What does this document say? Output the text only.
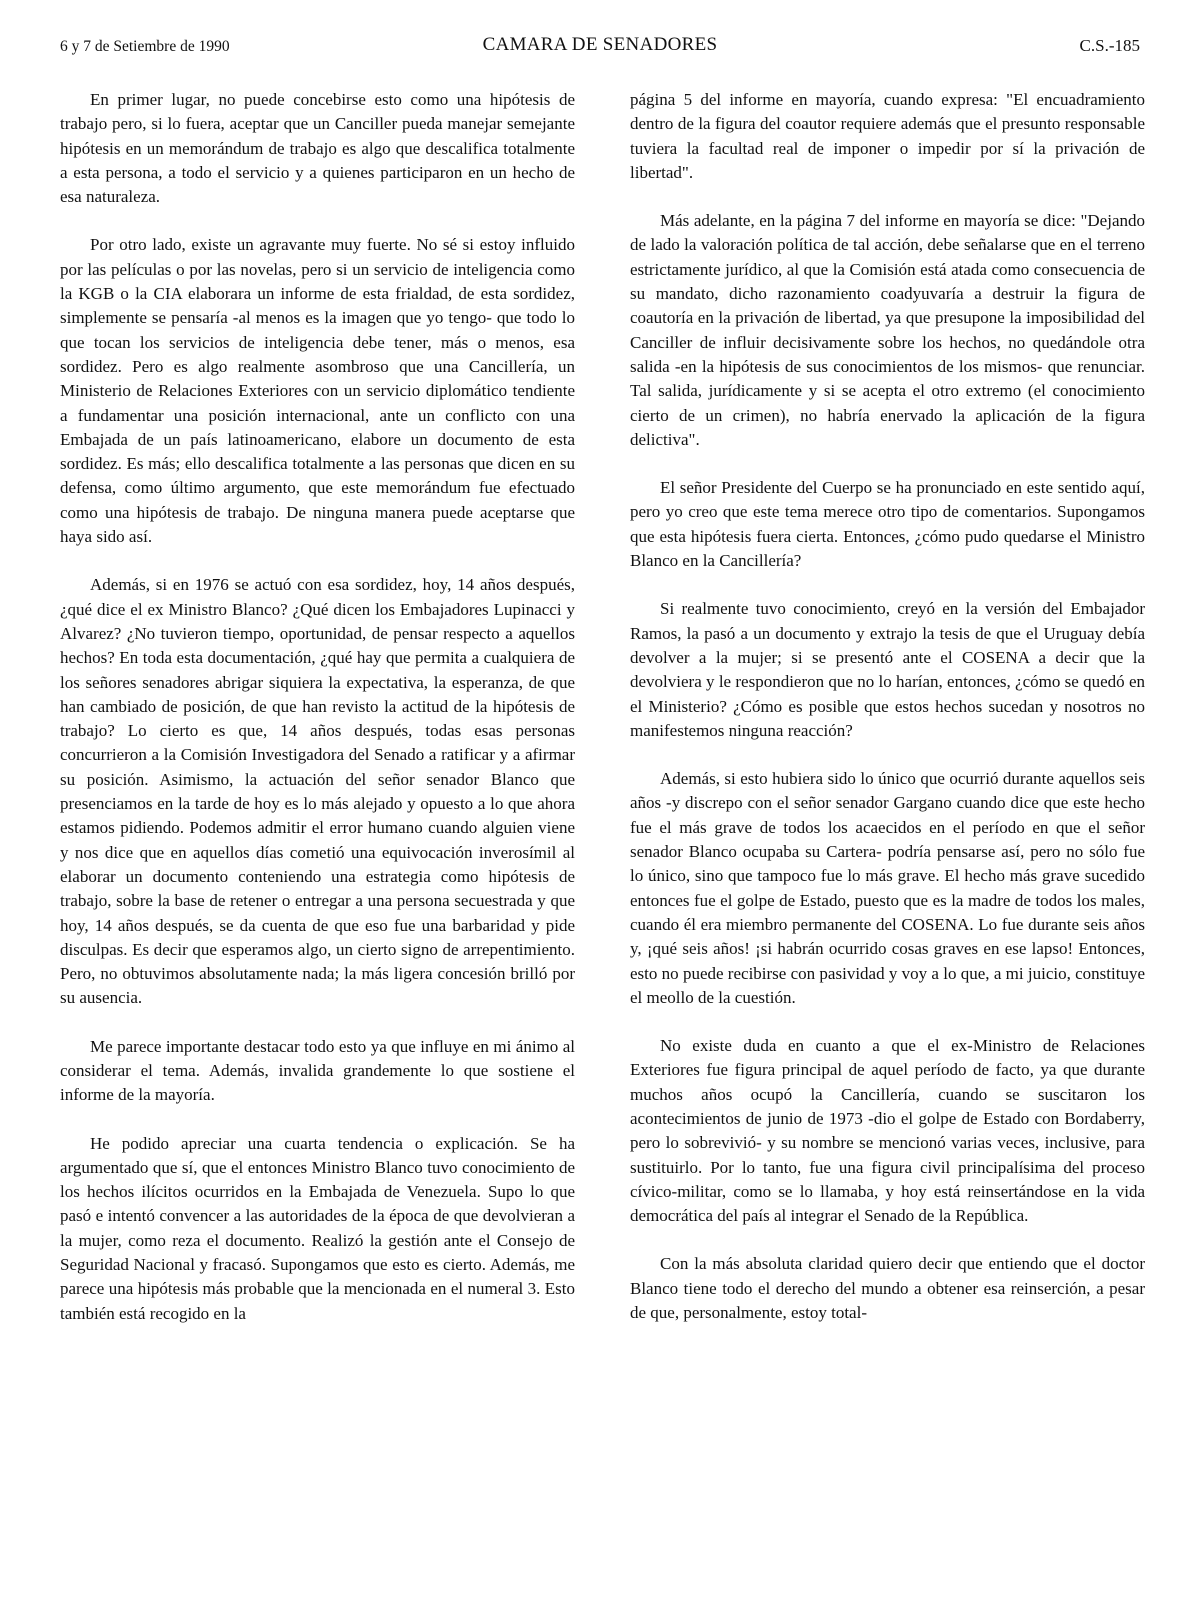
6 y 7 de Setiembre de 1990	CAMARA DE SENADORES	C.S.-185

En primer lugar, no puede concebirse esto como una hipótesis de trabajo pero, si lo fuera, aceptar que un Canciller pueda manejar semejante hipótesis en un memorándum de trabajo es algo que descalifica totalmente a esta persona, a todo el servicio y a quienes participaron en un hecho de esa naturaleza.

Por otro lado, existe un agravante muy fuerte. No sé si estoy influido por las películas o por las novelas, pero si un servicio de inteligencia como la KGB o la CIA elaborara un informe de esta frialdad, de esta sordidez, simplemente se pensaría -al menos es la imagen que yo tengo- que todo lo que tocan los servicios de inteligencia debe tener, más o menos, esa sordidez. Pero es algo realmente asombroso que una Cancillería, un Ministerio de Relaciones Exteriores con un servicio diplomático tendiente a fundamentar una posición internacional, ante un conflicto con una Embajada de un país latinoamericano, elabore un documento de esta sordidez. Es más; ello descalifica totalmente a las personas que dicen en su defensa, como último argumento, que este memorándum fue efectuado como una hipótesis de trabajo. De ninguna manera puede aceptarse que haya sido así.

Además, si en 1976 se actuó con esa sordidez, hoy, 14 años después, ¿qué dice el ex Ministro Blanco? ¿Qué dicen los Embajadores Lupinacci y Alvarez? ¿No tuvieron tiempo, oportunidad, de pensar respecto a aquellos hechos? En toda esta documentación, ¿qué hay que permita a cualquiera de los señores senadores abrigar siquiera la expectativa, la esperanza, de que han cambiado de posición, de que han revisto la actitud de la hipótesis de trabajo? Lo cierto es que, 14 años después, todas esas personas concurrieron a la Comisión Investigadora del Senado a ratificar y a afirmar su posición. Asimismo, la actuación del señor senador Blanco que presenciamos en la tarde de hoy es lo más alejado y opuesto a lo que ahora estamos pidiendo. Podemos admitir el error humano cuando alguien viene y nos dice que en aquellos días cometió una equivocación inverosímil al elaborar un documento conteniendo una estrategia como hipótesis de trabajo, sobre la base de retener o entregar a una persona secuestrada y que hoy, 14 años después, se da cuenta de que eso fue una barbaridad y pide disculpas. Es decir que esperamos algo, un cierto signo de arrepentimiento. Pero, no obtuvimos absolutamente nada; la más ligera concesión brilló por su ausencia.

Me parece importante destacar todo esto ya que influye en mi ánimo al considerar el tema. Además, invalida grandemente lo que sostiene el informe de la mayoría.

He podido apreciar una cuarta tendencia o explicación. Se ha argumentado que sí, que el entonces Ministro Blanco tuvo conocimiento de los hechos ilícitos ocurridos en la Embajada de Venezuela. Supo lo que pasó e intentó convencer a las autoridades de la época de que devolvieran a la mujer, como reza el documento. Realizó la gestión ante el Consejo de Seguridad Nacional y fracasó. Supongamos que esto es cierto. Además, me parece una hipótesis más probable que la mencionada en el numeral 3. Esto también está recogido en la

página 5 del informe en mayoría, cuando expresa: "El encuadramiento dentro de la figura del coautor requiere además que el presunto responsable tuviera la facultad real de imponer o impedir por sí la privación de libertad".

Más adelante, en la página 7 del informe en mayoría se dice: "Dejando de lado la valoración política de tal acción, debe señalarse que en el terreno estrictamente jurídico, al que la Comisión está atada como consecuencia de su mandato, dicho razonamiento coadyuvaría a destruir la figura de coautoría en la privación de libertad, ya que presupone la imposibilidad del Canciller de influir decisivamente sobre los hechos, no quedándole otra salida -en la hipótesis de sus conocimientos de los mismos- que renunciar. Tal salida, jurídicamente y si se acepta el otro extremo (el conocimiento cierto de un crimen), no habría enervado la aplicación de la figura delictiva".

El señor Presidente del Cuerpo se ha pronunciado en este sentido aquí, pero yo creo que este tema merece otro tipo de comentarios. Supongamos que esta hipótesis fuera cierta. Entonces, ¿cómo pudo quedarse el Ministro Blanco en la Cancillería?

Si realmente tuvo conocimiento, creyó en la versión del Embajador Ramos, la pasó a un documento y extrajo la tesis de que el Uruguay debía devolver a la mujer; si se presentó ante el COSENA a decir que la devolviera y le respondieron que no lo harían, entonces, ¿cómo se quedó en el Ministerio? ¿Cómo es posible que estos hechos sucedan y nosotros no manifestemos ninguna reacción?

Además, si esto hubiera sido lo único que ocurrió durante aquellos seis años -y discrepo con el señor senador Gargano cuando dice que este hecho fue el más grave de todos los acaecidos en el período en que el señor senador Blanco ocupaba su Cartera- podría pensarse así, pero no sólo fue lo único, sino que tampoco fue lo más grave. El hecho más grave sucedido entonces fue el golpe de Estado, puesto que es la madre de todos los males, cuando él era miembro permanente del COSENA. Lo fue durante seis años y, ¡qué seis años! ¡si habrán ocurrido cosas graves en ese lapso! Entonces, esto no puede recibirse con pasividad y voy a lo que, a mi juicio, constituye el meollo de la cuestión.

No existe duda en cuanto a que el ex-Ministro de Relaciones Exteriores fue figura principal de aquel período de facto, ya que durante muchos años ocupó la Cancillería, cuando se suscitaron los acontecimientos de junio de 1973 -dio el golpe de Estado con Bordaberry, pero lo sobrevivió- y su nombre se mencionó varias veces, inclusive, para sustituirlo. Por lo tanto, fue una figura civil principalísima del proceso cívico-militar, como se lo llamaba, y hoy está reinsertándose en la vida democrática del país al integrar el Senado de la República.

Con la más absoluta claridad quiero decir que entiendo que el doctor Blanco tiene todo el derecho del mundo a obtener esa reinserción, a pesar de que, personalmente, estoy total-
